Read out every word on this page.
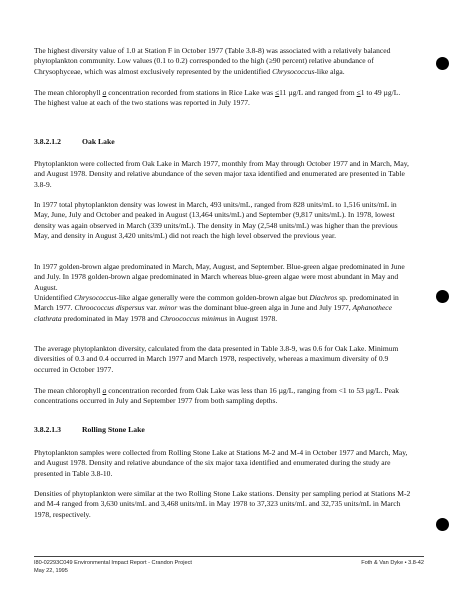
The highest diversity value of 1.0 at Station F in October 1977 (Table 3.8-8) was associated with a relatively balanced phytoplankton community. Low values (0.1 to 0.2) corresponded to the high (≥90 percent) relative abundance of Chrysophyceae, which was almost exclusively represented by the unidentified Chrysococcus-like alga.

The mean chlorophyll a concentration recorded from stations in Rice Lake was ≤11 µg/L and ranged from ≤1 to 49 µg/L. The highest value at each of the two stations was reported in July 1977.

3.8.2.1.2	Oak Lake

Phytoplankton were collected from Oak Lake in March 1977, monthly from May through October 1977 and in March, May, and August 1978. Density and relative abundance of the seven major taxa identified and enumerated are presented in Table 3.8-9.

In 1977 total phytoplankton density was lowest in March, 493 units/mL, ranged from 828 units/mL to 1,516 units/mL in May, June, July and October and peaked in August (13,464 units/mL) and September (9,817 units/mL). In 1978, lowest density was again observed in March (339 units/mL). The density in May (2,548 units/mL) was higher than the previous May, and density in August 3,420 units/mL) did not reach the high level observed the previous year.

In 1977 golden-brown algae predominated in March, May, August, and September. Blue-green algae predominated in June and July. In 1978 golden-brown algae predominated in March whereas blue-green algae were most abundant in May and August.

Unidentified Chrysococcus-like algae generally were the common golden-brown algae but Diachros sp. predominated in March 1977. Chroococcus dispersus var. minor was the dominant blue-green alga in June and July 1977, Aphanothece clathrata predominated in May 1978 and Chroococcus minimus in August 1978.

The average phytoplankton diversity, calculated from the data presented in Table 3.8-9, was 0.6 for Oak Lake. Minimum diversities of 0.3 and 0.4 occurred in March 1977 and March 1978, respectively, whereas a maximum diversity of 0.9 occurred in October 1977.

The mean chlorophyll a concentration recorded from Oak Lake was less than 16 µg/L, ranging from <1 to 53 µg/L. Peak concentrations occurred in July and September 1977 from both sampling depths.

3.8.2.1.3	Rolling Stone Lake

Phytoplankton samples were collected from Rolling Stone Lake at Stations M-2 and M-4 in October 1977 and March, May, and August 1978. Density and relative abundance of the six major taxa identified and enumerated during the study are presented in Table 3.8-10.

Densities of phytoplankton were similar at the two Rolling Stone Lake stations. Density per sampling period at Stations M-2 and M-4 ranged from 3,630 units/mL and 3,468 units/mL in May 1978 to 37,323 units/mL and 32,735 units/mL in March 1978, respectively.

I80-02293C049 Environmental Impact Report - Crandon Project
May 22, 1995
Foth & Van Dyke • 3.8-42
